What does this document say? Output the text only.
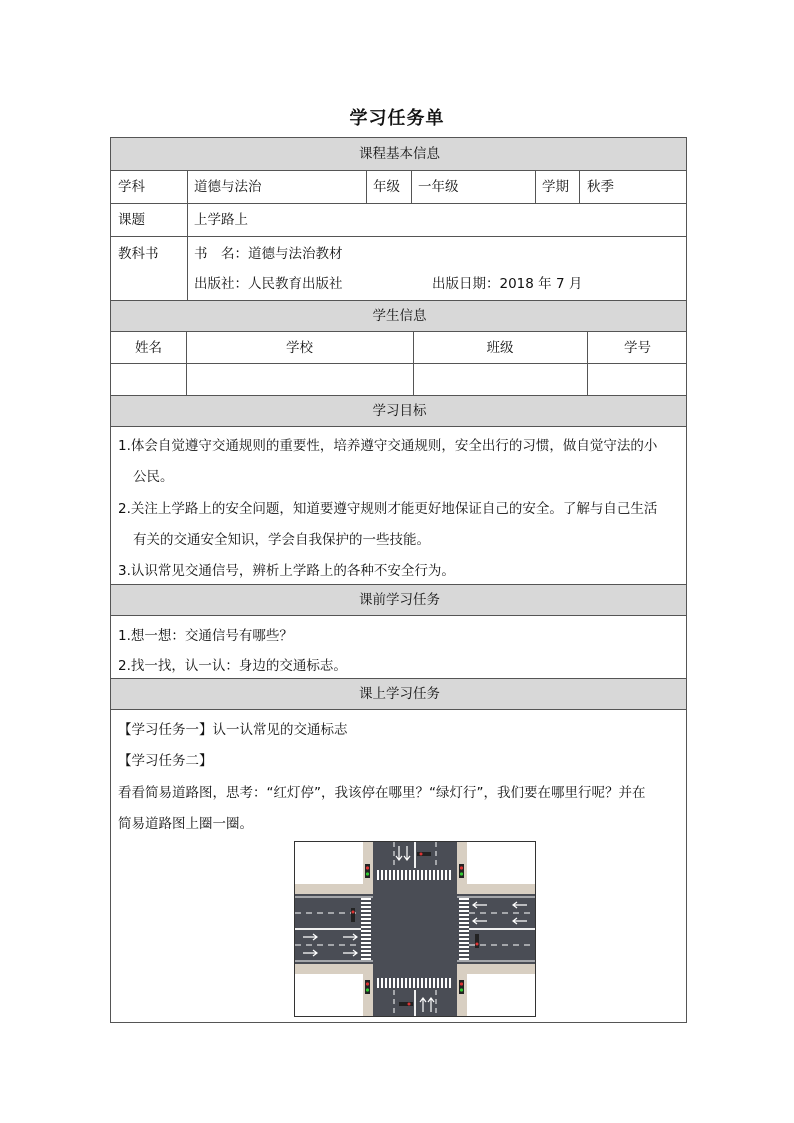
学习任务单
课程基本信息
学科	道德与法治	年级 一年级	学期 秋季
课题	上学路上
教科书	书　名：道德与法治教材
出版社：人民教育出版社	出版日期：2018 年 7 月
学生信息
姓名	学校	班级	学号
学习目标
1.体会自觉遵守交通规则的重要性，培养遵守交通规则，安全出行的习惯，做自觉守法的小
公民。
2.关注上学路上的安全问题，知道要遵守规则才能更好地保证自己的安全。了解与自己生活
有关的交通安全知识，学会自我保护的一些技能。
3.认识常见交通信号，辨析上学路上的各种不安全行为。
课前学习任务
1.想一想：交通信号有哪些？
2.找一找，认一认：身边的交通标志。
课上学习任务
【学习任务一】认一认常见的交通标志
【学习任务二】
看看简易道路图，思考：“红灯停”，我该停在哪里？“绿灯行”，我们要在哪里行呢？并在
简易道路图上圈一圈。
